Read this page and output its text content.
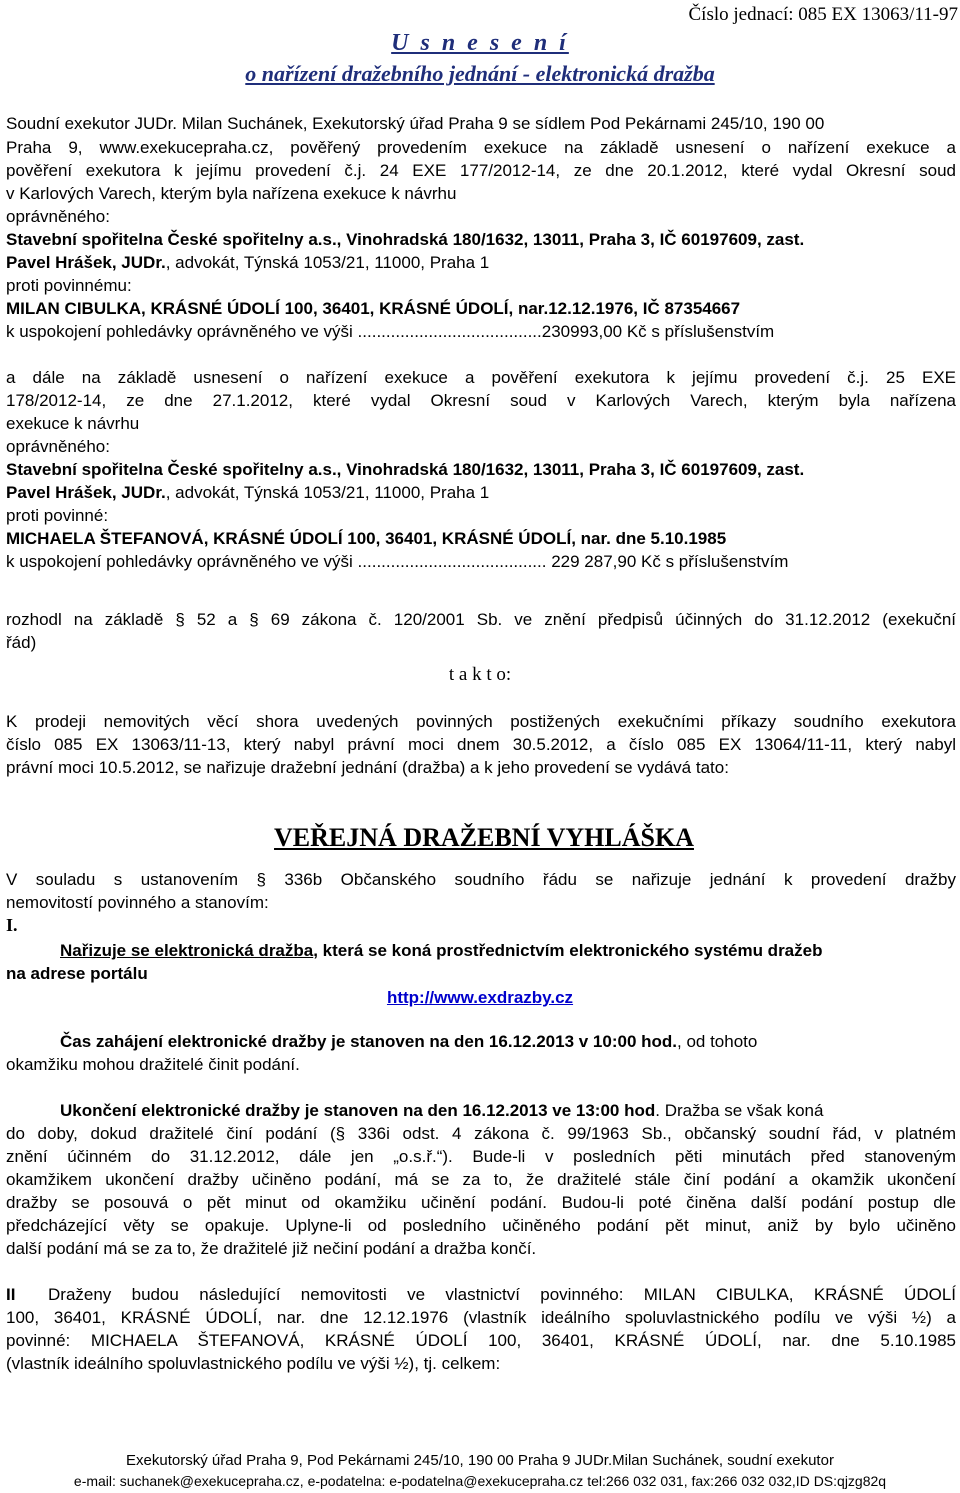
Číslo jednací: 085 EX 13063/11-97
U s n e s e n í
o nařízení dražebního jednání - elektronická dražba
Soudní exekutor JUDr. Milan Suchánek, Exekutorský úřad Praha 9 se sídlem Pod Pekárnami 245/10, 190 00
Praha 9, www.exekucepraha.cz, pověřený provedením exekuce na základě usnesení o nařízení exekuce a
pověření exekutora k jejímu provedení č.j. 24 EXE 177/2012-14, ze dne 20.1.2012, které vydal Okresní soud
v Karlových Varech, kterým byla nařízena exekuce k návrhu
oprávněného:
Stavební spořitelna České spořitelny a.s., Vinohradská 180/1632, 13011, Praha 3, IČ 60197609, zast.
Pavel Hrášek, JUDr., advokát, Týnská 1053/21, 11000, Praha 1
proti povinnému:
MILAN CIBULKA, KRÁSNÉ ÚDOLÍ 100, 36401, KRÁSNÉ ÚDOLÍ, nar.12.12.1976, IČ 87354667
k uspokojení pohledávky oprávněného ve výši .......................................230993,00 Kč s příslušenstvím
a dále na základě usnesení o nařízení exekuce a pověření exekutora k jejímu provedení č.j. 25 EXE
178/2012-14, ze dne 27.1.2012, které vydal Okresní soud v Karlových Varech, kterým byla nařízena
exekuce k návrhu
oprávněného:
Stavební spořitelna České spořitelny a.s., Vinohradská 180/1632, 13011, Praha 3, IČ 60197609, zast.
Pavel Hrášek, JUDr., advokát, Týnská 1053/21, 11000, Praha 1
proti povinné:
MICHAELA ŠTEFANOVÁ, KRÁSNÉ ÚDOLÍ 100, 36401, KRÁSNÉ ÚDOLÍ, nar. dne 5.10.1985
k uspokojení pohledávky oprávněného ve výši ........................................ 229 287,90 Kč s příslušenstvím
rozhodl na základě § 52 a § 69 zákona č. 120/2001 Sb. ve znění předpisů účinných do 31.12.2012 (exekuční
řád)
t a k t o:
K prodeji nemovitých věcí shora uvedených povinných postižených exekučními příkazy soudního exekutora
číslo 085 EX 13063/11-13, který nabyl právní moci dnem 30.5.2012, a číslo 085 EX 13064/11-11, který nabyl
právní moci 10.5.2012, se nařizuje dražební jednání (dražba) a k jeho provedení se vydává tato:
VEŘEJNÁ DRAŽEBNÍ VYHLÁŠKA
V souladu s ustanovením § 336b Občanského soudního řádu se nařizuje jednání k provedení dražby
nemovitostí povinného a stanovím:
I.
Nařizuje se elektronická dražba, která se koná prostřednictvím elektronického systému dražeb
na adrese portálu
http://www.exdrazby.cz
Čas zahájení elektronické dražby je stanoven na den 16.12.2013 v 10:00 hod., od tohoto
okamžiku mohou dražitelé činit podání.
Ukončení elektronické dražby je stanoven na den 16.12.2013 ve 13:00 hod. Dražba se však koná
do doby, dokud dražitelé činí podání (§ 336i odst. 4 zákona č. 99/1963 Sb., občanský soudní řád, v platném
znění účinném do 31.12.2012, dále jen „o.s.ř.“). Bude-li v posledních pěti minutách před stanoveným
okamžikem ukončení dražby učiněno podání, má se za to, že dražitelé stále činí podání a okamžik ukončení
dražby se posouvá o pět minut od okamžiku učinění podání. Budou-li poté činěna další podání postup dle
předcházející věty se opakuje. Uplyne-li od posledního učiněného podání pět minut, aniž by bylo učiněno
další podání má se za to, že dražitelé již nečiní podání a dražba končí.
II Draženy budou následující nemovitosti ve vlastnictví povinného: MILAN CIBULKA, KRÁSNÉ ÚDOLÍ
100, 36401, KRÁSNÉ ÚDOLÍ, nar. dne 12.12.1976 (vlastník ideálního spoluvlastnického podílu ve výši ½) a
povinné: MICHAELA ŠTEFANOVÁ, KRÁSNÉ ÚDOLÍ 100, 36401, KRÁSNÉ ÚDOLÍ, nar. dne 5.10.1985
(vlastník ideálního spoluvlastnického podílu ve výši ½), tj. celkem:
Exekutorský úřad Praha 9, Pod Pekárnami 245/10, 190 00 Praha 9 JUDr.Milan Suchánek, soudní exekutor
e-mail: suchanek@exekucepraha.cz, e-podatelna: e-podatelna@exekucepraha.cz tel:266 032 031, fax:266 032 032,ID DS:qjzg82q
